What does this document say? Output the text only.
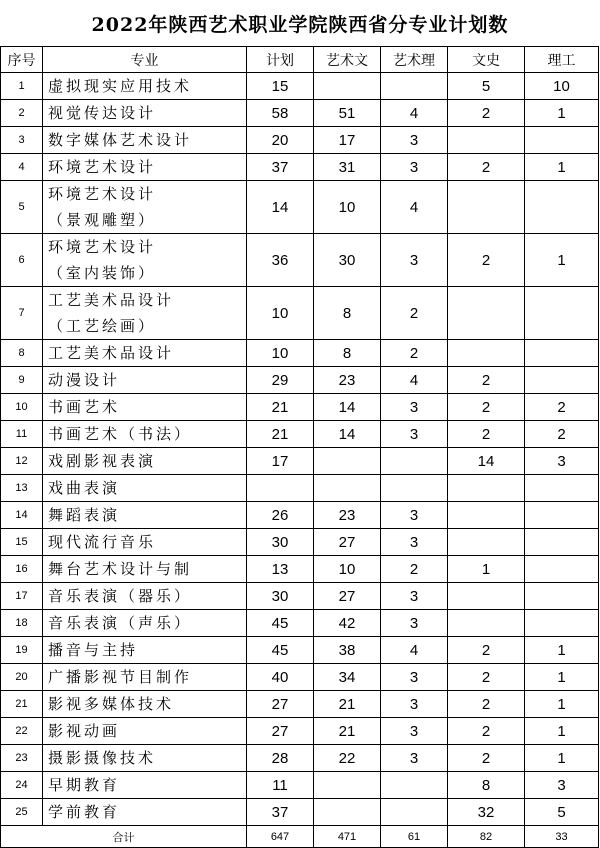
2022年陕西艺术职业学院陕西省分专业计划数
序号	专业	计划	艺术文	艺术理	文史	理工
1	虚拟现实应用技术	15			5	10
2	视觉传达设计	58	51	4	2	1
3	数字媒体艺术设计	20	17	3		
4	环境艺术设计	37	31	3	2	1
5	环境艺术设计
（景观雕塑）	14	10	4		
6	环境艺术设计
（室内装饰）	36	30	3	2	1
7	工艺美术品设计
（工艺绘画）	10	8	2		
8	工艺美术品设计	10	8	2		
9	动漫设计	29	23	4	2	
10	书画艺术	21	14	3	2	2
11	书画艺术（书法）	21	14	3	2	2
12	戏剧影视表演	17			14	3
13	戏曲表演					

14	舞蹈表演	26	23	3		
15	现代流行音乐	30	27	3		
16	舞台艺术设计与制	13	10	2	1	
17	音乐表演（器乐）	30	27	3		
18	音乐表演（声乐）	45	42	3		
19	播音与主持	45	38	4	2	1
20	广播影视节目制作	40	34	3	2	1
21	影视多媒体技术	27	21	3	2	1
22	影视动画	27	21	3	2	1
23	摄影摄像技术	28	22	3	2	1
24	早期教育	11			8	3
25	学前教育	37			32	5
合计		647	471	61	82	33
